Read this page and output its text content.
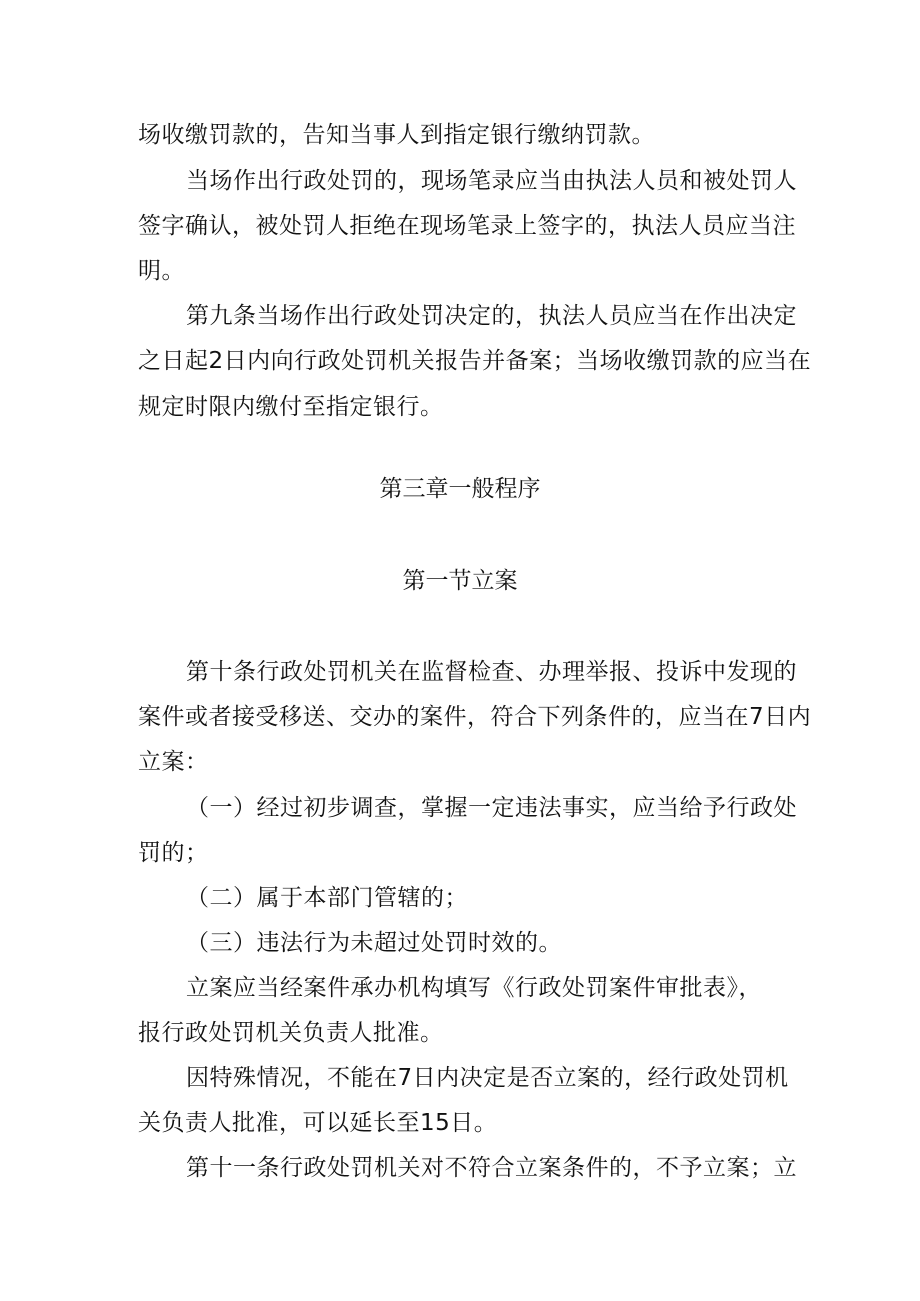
场收缴罚款的，告知当事人到指定银行缴纳罚款。
当场作出行政处罚的，现场笔录应当由执法人员和被处罚人
签字确认，被处罚人拒绝在现场笔录上签字的，执法人员应当注
明。
第九条当场作出行政处罚决定的，执法人员应当在作出决定
之日起2日内向行政处罚机关报告并备案；当场收缴罚款的应当在
规定时限内缴付至指定银行。
第三章一般程序
第一节立案
第十条行政处罚机关在监督检查、办理举报、投诉中发现的
案件或者接受移送、交办的案件，符合下列条件的，应当在7日内
立案：
（一）经过初步调查，掌握一定违法事实，应当给予行政处
罚的；
（二）属于本部门管辖的；
（三）违法行为未超过处罚时效的。
立案应当经案件承办机构填写《行政处罚案件审批表》，
报行政处罚机关负责人批准。
因特殊情况，不能在7日内决定是否立案的，经行政处罚机
关负责人批准，可以延长至15日。
第十一条行政处罚机关对不符合立案条件的，不予立案；立
